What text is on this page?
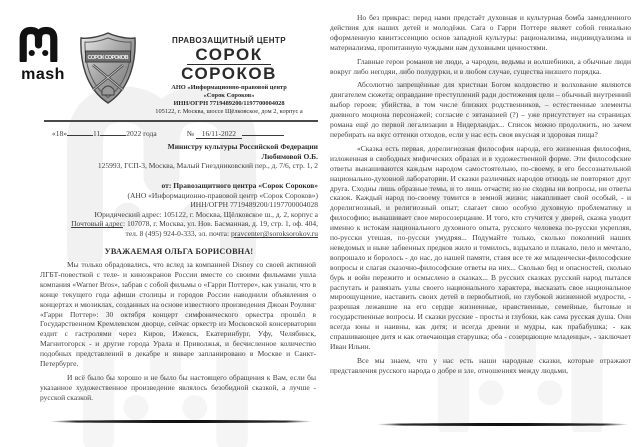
mash
СОРОК СОРОКОВ
ПРАВОЗАЩИТНЫЙ ЦЕНТР
СОРОК
СОРОКОВ
АНО «Информационно-правовой центр
«Сорок Сороков»
ИНН/ОГРН 7719489200/1197700004028
105122, г. Москва, шоссе Щёлковское, дом 2, корпус а
«18»	11	2022 года	№ 16/11-2022
Министру культуры Российской Федерации
Любимовой О.Б.
125993, ГСП-3, Москва, Малый Гнездниковский пер., д. 7/6, стр. 1, 2
от: Правозащитного центра «Сорок Сороков»
(АНО «Информационно-правовой центр «Сорок Сороков»)
ИНН/ОГРН 7719489200/1197700004028
Юридический адрес: 105122, г. Москва, Щёлковское ш., д. 2, корпус а
Почтовый адрес: 107078, г. Москва, ул. Нов. Басманная, д. 19, стр. 1, оф. 404,
тел. 8 (495) 924-0-333, эл. почта: pravcenter@soroksorokov.ru
УВАЖАЕМАЯ ОЛЬГА БОРИСОВНА!

Мы только обрадовались, что вслед за компанией Disney со своей активной ЛГБТ-повесткой с теле- и киноэкранов России вместе со своими фильмами ушла компания «Warner Bros», забрав с собой фильмы о «Гарри Поттере», как узнали, что в конце текущего года афиши столицы и городов России наводнили объявления о концертах и мюзиклах, созданных на основе известного произведения Джоан Роулинг «Гарри Поттер»: 30 октября концерт симфонического оркестра прошёл в Государственном Кремлевском дворце, сейчас оркестр из Московской консерватории ездит с гастролями через Киров, Ижевск, Екатеринбург, Уфу, Челябинск, Магнитогорск - и другие города Урала и Приволжья, и бесчисленное количество подобных представлений в декабре и январе запланировано в Москве и Санкт-Петербурге.

И всё было бы хорошо и не было бы настоящего обращения к Вам, если бы указанное художественное произведение являлось безобидной сказкой, а лучше - русской сказкой.

Но без прикрас: перед нами предстаёт духовная и культурная бомба замедленного действия для наших детей и молодёжи. Сага о Гарри Поттере являет собой гениально оформленную квинтэссенцию основ западной культуры: рационализма, индивидуализма и материализма, пропитанную чуждыми нам духовными ценностями.

Главные герои романов не люди, а чародеи, ведьмы и волшебники, а обычные люди вокруг либо негодяи, либо полудурки, и в любом случае, существа низшего порядка.

Абсолютно запрещённые для христиан Богом колдовство и волхование являются двигателем сюжета; оправдание преступлений ради достижения цели – обычный внутренний выбор героев; убийства, в том числе близких родственников, – естественные элементы дневного моциона персонажей; согласие с эвтаназией (?) – уже присутствует на страницах романа ещё до первой легализации в Нидерландах... Список можно продолжить, но зачем перебирать на вкус оттенки отходов, если у нас есть своя вкусная и здоровая пища?

«Сказка есть первая, дорелигиозная философия народа, его жизненная философия, изложенная в свободных мифических образах и в художественной форме. Эти философские ответы вынашиваются каждым народом самостоятельно, по-своему, в его бессознательной национально-духовной лаборатории. И сказки различных народов отнюдь не повторяют друг друга. Сходны лишь образные темы, и то лишь отчасти; но не сходны ни вопросы, ни ответы сказок. Каждый народ по-своему томится в земной жизни; накапливает свой особый, - и дорелигиозный, и религиозный опыт; слагает свою особую духовную проблематику и философию; вынашивает свое миросозерцание. И того, кто стучится у дверей, сказка уводит именно к истокам национального духовного опыта, русского человека по-русски укрепляя, по-русски утешая, по-русски умудряя... Подумайте только, сколько поколений наших неведомых и ныне забвенных предков жило и томилось, вздыхало и плакало, пело и мечтало, вопрошало и боролось - до нас, до нашей памяти, ставя все те же младенчески-философские вопросы и слагая сказочно-философские ответы на них... Сколько бед и опасностей, сколько бурь и войн пережито и осмыслено в сказках... В русских сказках русский народ пытался распутать и развязать узлы своего национального характера, высказать свое национальное мироощущение, наставить своих детей в первобытной, но глубокой жизненной мудрости, - разрешая лежавшие на его сердце жизненные, нравственные, семейные, бытовые и государственные вопросы. И сказки русские - просты и глубоки, как сама русская душа. Они всегда юны и наивны, как дитя; и всегда древни и мудры, как прабабушка; - как спрашивающее дитя и как отвечающая старушка; оба - созерцающие младенцы», - заключает Иван Ильин.

Все мы знаем, что у нас есть наши народные сказки, которые отражают представления русского народа о добре и зле, отношениях между людьми,
